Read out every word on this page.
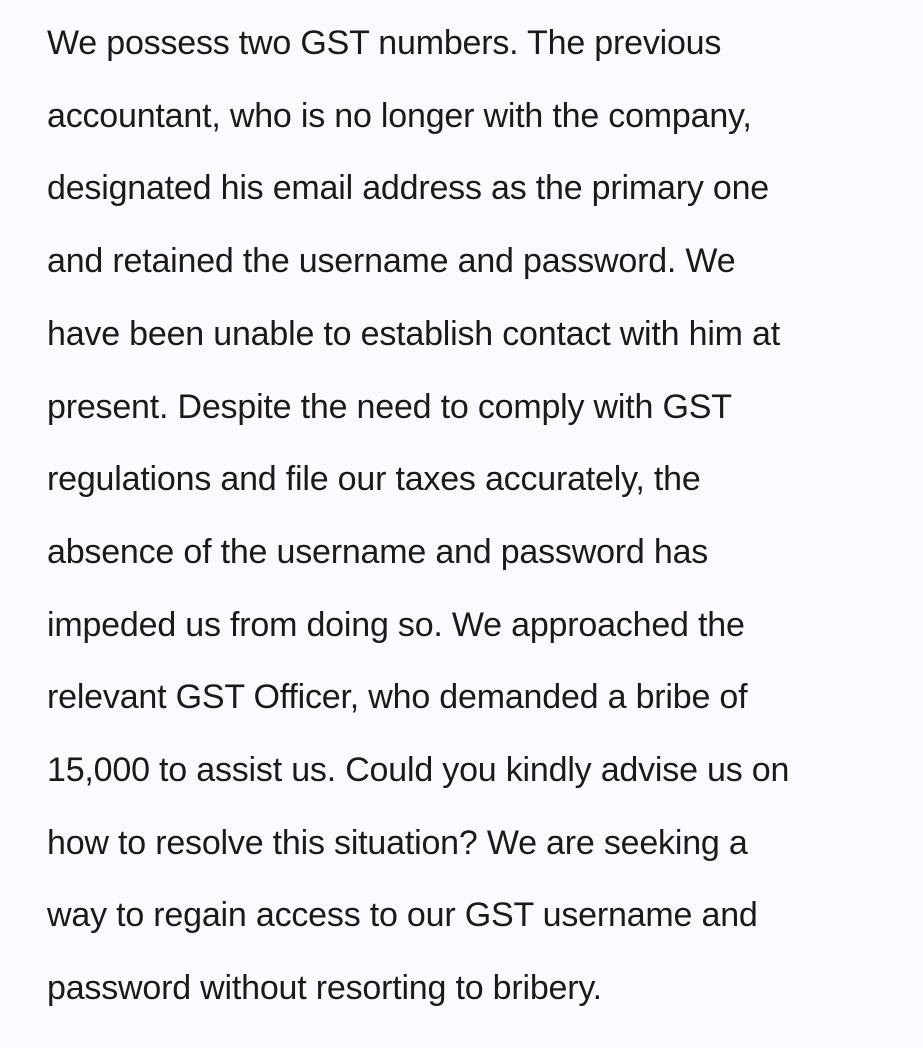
We possess two GST numbers. The previous
accountant, who is no longer with the company,
designated his email address as the primary one
and retained the username and password. We
have been unable to establish contact with him at
present. Despite the need to comply with GST
regulations and file our taxes accurately, the
absence of the username and password has
impeded us from doing so. We approached the
relevant GST Officer, who demanded a bribe of
15,000 to assist us. Could you kindly advise us on
how to resolve this situation? We are seeking a
way to regain access to our GST username and
password without resorting to bribery.
